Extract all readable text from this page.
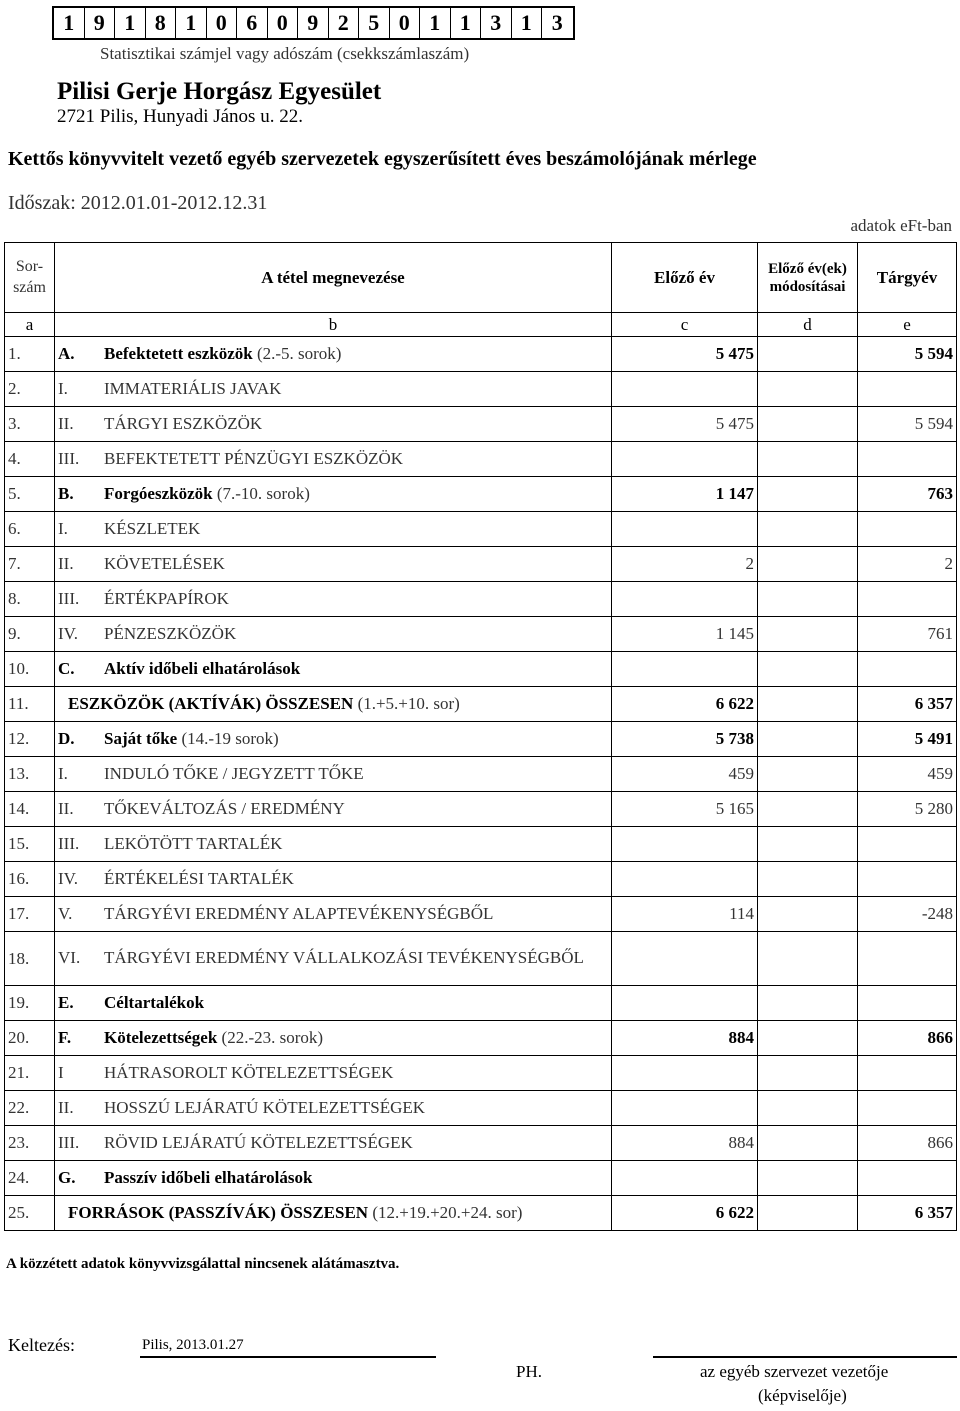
1 9 1 8 1 0 6 0 9 2 5 0 1 1 3 1 3
Statisztikai számjel vagy adószám (csekkszámlaszám)
Pilisi Gerje Horgász Egyesület
2721 Pilis, Hunyadi János u. 22.
Kettős könyvvitelt vezető egyéb szervezetek egyszerűsített éves beszámolójának mérlege
Időszak: 2012.01.01-2012.12.31
adatok eFt-ban
Sor-szám	A tétel megnevezése	Előző év	Előző év(ek) módosításai	Tárgyév
a	b	c	d	e
1.	A. Befektetett eszközök (2.-5. sorok)	5 475		5 594
2.	I. IMMATERIÁLIS JAVAK			

3.	II. TÁRGYI ESZKÖZÖK	5 475		5 594
4.	III. BEFEKTETETT PÉNZÜGYI ESZKÖZÖK			

5.	B. Forgóeszközök (7.-10. sorok)	1 147		763
6.	I. KÉSZLETEK			

7.	II. KÖVETELÉSEK	2		2
8.	III. ÉRTÉKPAPÍROK			

9.	IV. PÉNZESZKÖZÖK	1 145		761
10.	C. Aktív időbeli elhatárolások			

11.	ESZKÖZÖK (AKTÍVÁK) ÖSSZESEN (1.+5.+10. sor)	6 622		6 357
12.	D. Saját tőke (14.-19 sorok)	5 738		5 491
13.	I. INDULÓ TŐKE / JEGYZETT TŐKE	459		459
14.	II. TŐKEVÁLTOZÁS / EREDMÉNY	5 165		5 280
15.	III. LEKÖTÖTT TARTALÉK			

16.	IV. ÉRTÉKELÉSI TARTALÉK			

17.	V. TÁRGYÉVI EREDMÉNY ALAPTEVÉKENYSÉGBŐL	114		-248
18.	VI. TÁRGYÉVI EREDMÉNY VÁLLALKOZÁSI TEVÉKENYSÉGBŐL			

19.	E. Céltartalékok			

20.	F. Kötelezettségek (22.-23. sorok)	884		866
21.	I HÁTRASOROLT KÖTELEZETTSÉGEK			

22.	II. HOSSZÚ LEJÁRATÚ KÖTELEZETTSÉGEK			

23.	III. RÖVID LEJÁRATÚ KÖTELEZETTSÉGEK	884		866
24.	G. Passzív időbeli elhatárolások			

25.	FORRÁSOK (PASSZÍVÁK) ÖSSZESEN (12.+19.+20.+24. sor)	6 622		6 357
A közzétett adatok könyvvizsgálattal nincsenek alátámasztva.
Keltezés:	Pilis, 2013.01.27
PH.	az egyéb szervezet vezetője
(képviselője)
